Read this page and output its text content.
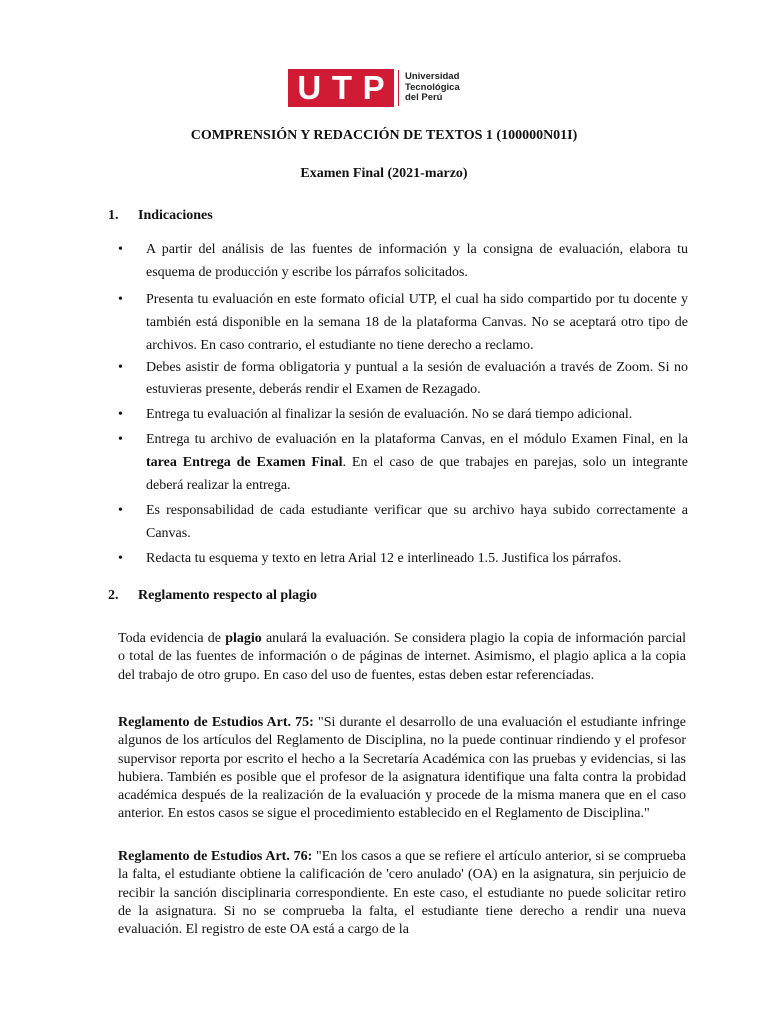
U T P Universidad
Tecnológica
del Perú
COMPRENSIÓN Y REDACCIÓN DE TEXTOS 1 (100000N01I)
Examen Final (2021-marzo)
1. Indicaciones
• A partir del análisis de las fuentes de información y la consigna de evaluación, elabora tu esquema de producción y escribe los párrafos solicitados.
• Presenta tu evaluación en este formato oficial UTP, el cual ha sido compartido por tu docente y también está disponible en la semana 18 de la plataforma Canvas. No se aceptará otro tipo de archivos. En caso contrario, el estudiante no tiene derecho a reclamo.
• Debes asistir de forma obligatoria y puntual a la sesión de evaluación a través de Zoom. Si no estuvieras presente, deberás rendir el Examen de Rezagado.
• Entrega tu evaluación al finalizar la sesión de evaluación. No se dará tiempo adicional.
• Entrega tu archivo de evaluación en la plataforma Canvas, en el módulo Examen Final, en la tarea Entrega de Examen Final. En el caso de que trabajes en parejas, solo un integrante deberá realizar la entrega.
• Es responsabilidad de cada estudiante verificar que su archivo haya subido correctamente a Canvas.
• Redacta tu esquema y texto en letra Arial 12 e interlineado 1.5. Justifica los párrafos.
2. Reglamento respecto al plagio

Toda evidencia de plagio anulará la evaluación. Se considera plagio la copia de información parcial o total de las fuentes de información o de páginas de internet. Asimismo, el plagio aplica a la copia del trabajo de otro grupo. En caso del uso de fuentes, estas deben estar referenciadas.

Reglamento de Estudios Art. 75: "Si durante el desarrollo de una evaluación el estudiante infringe algunos de los artículos del Reglamento de Disciplina, no la puede continuar rindiendo y el profesor supervisor reporta por escrito el hecho a la Secretaría Académica con las pruebas y evidencias, si las hubiera. También es posible que el profesor de la asignatura identifique una falta contra la probidad académica después de la realización de la evaluación y procede de la misma manera que en el caso anterior. En estos casos se sigue el procedimiento establecido en el Reglamento de Disciplina."

Reglamento de Estudios Art. 76: "En los casos a que se refiere el artículo anterior, si se comprueba la falta, el estudiante obtiene la calificación de 'cero anulado' (OA) en la asignatura, sin perjuicio de recibir la sanción disciplinaria correspondiente. En este caso, el estudiante no puede solicitar retiro de la asignatura. Si no se comprueba la falta, el estudiante tiene derecho a rendir una nueva evaluación. El registro de este OA está a cargo de la
